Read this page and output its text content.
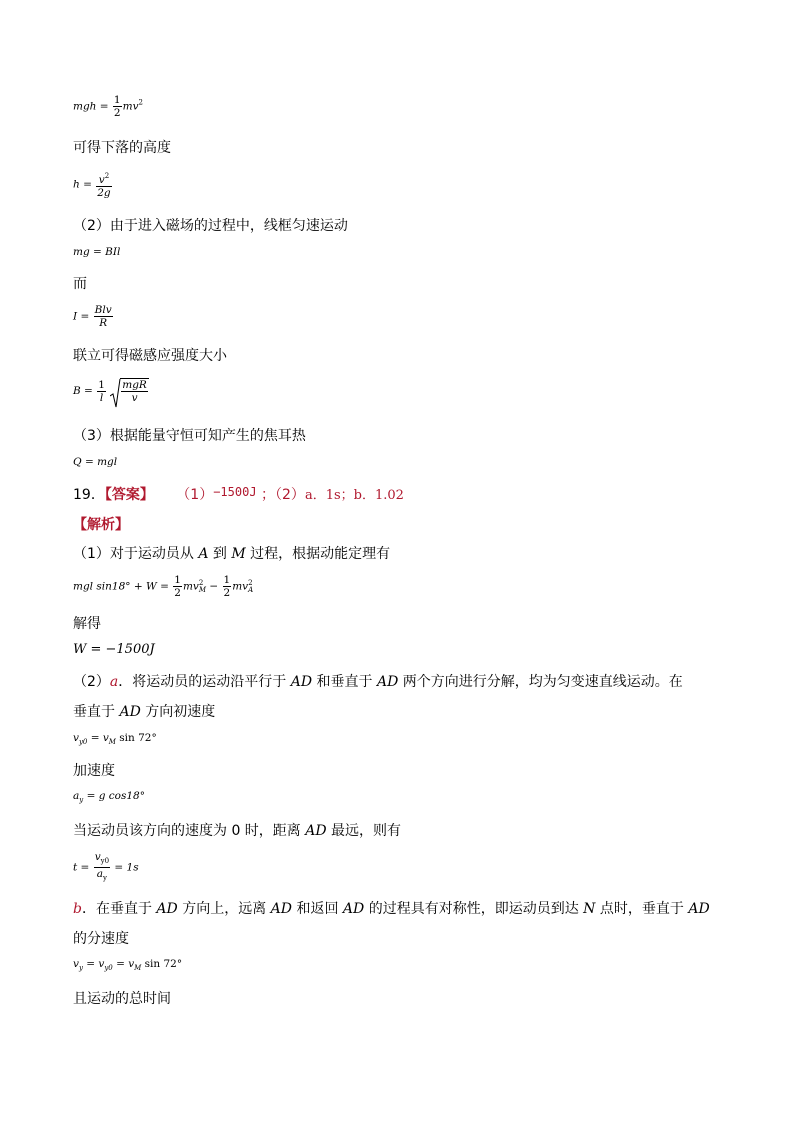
mgh = $\frac{1}{2} mv^2$
可得下落的高度
$h = \frac{v^2}{2g}$
（2）由于进入磁场的过程中，线框匀速运动
mg = BIl
而
$I = \frac{\text{Blv}}{R}$
联立可得磁感应强度大小
$B = \frac{1}{l}$
$\frac{\text{mgR}}{v}$
（3）根据能量守恒可知产生的焦耳热
Q = mgl
19．【答案】 （1）−1500J ；（2）a．1s；b．1.02
【解析】
（1）对于运动员从 A 到 M 过程，根据动能定理有
mgl $\sin 18^\circ + W = \frac{1}{2}$ mv 2
$M - \frac{1}{2}$ mv 2
A
解得
W = −1500J
（2）a．将运动员的运动沿平行于 AD 和垂直于 AD 两个方向进行分解，均为匀变速直线运动。在
垂直于 AD 方向初速度
$v_{y0} = v_M$ sin 72°
加速度
$a_y = g$ cos18°
当运动员该方向的速度为 0 时，距离 AD 最远，则有
$t = \frac{v_{y0}}{a_y} = 1s$
b．在垂直于 AD 方向上，远离 AD 和返回 AD 的过程具有对称性，即运动员到达 N 点时，垂直于 AD
的分速度
$v_y = v_{y0} = v_M$ sin 72°
且运动的总时间
